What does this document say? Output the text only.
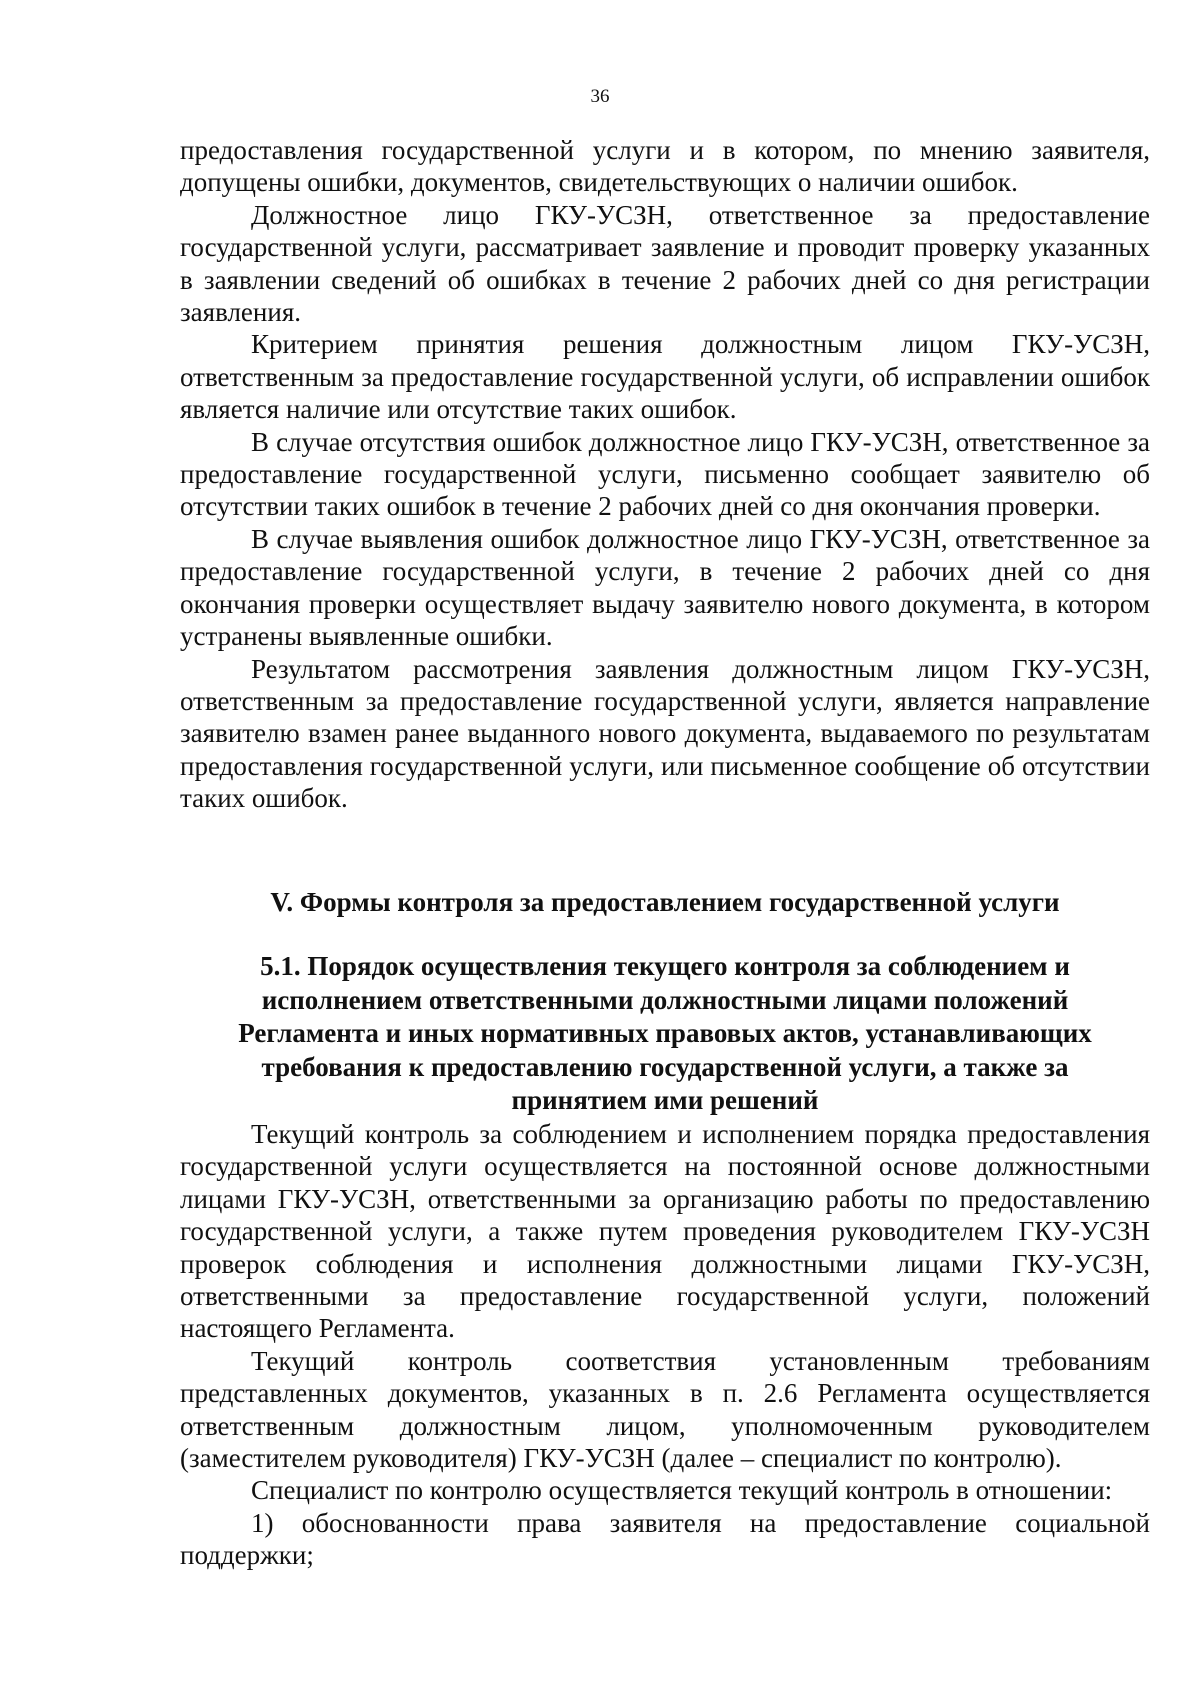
36

предоставления государственной услуги и в котором, по мнению заявителя, допущены ошибки, документов, свидетельствующих о наличии ошибок.

Должностное лицо ГКУ-УСЗН, ответственное за предоставление государственной услуги, рассматривает заявление и проводит проверку указанных в заявлении сведений об ошибках в течение 2 рабочих дней со дня регистрации заявления.

Критерием принятия решения должностным лицом ГКУ-УСЗН, ответственным за предоставление государственной услуги, об исправлении ошибок является наличие или отсутствие таких ошибок.

В случае отсутствия ошибок должностное лицо ГКУ-УСЗН, ответственное за предоставление государственной услуги, письменно сообщает заявителю об отсутствии таких ошибок в течение 2 рабочих дней со дня окончания проверки.

В случае выявления ошибок должностное лицо ГКУ-УСЗН, ответственное за предоставление государственной услуги, в течение 2 рабочих дней со дня окончания проверки осуществляет выдачу заявителю нового документа, в котором устранены выявленные ошибки.

Результатом рассмотрения заявления должностным лицом ГКУ-УСЗН, ответственным за предоставление государственной услуги, является направление заявителю взамен ранее выданного нового документа, выдаваемого по результатам предоставления государственной услуги, или письменное сообщение об отсутствии таких ошибок.

V. Формы контроля за предоставлением государственной услуги
5.1. Порядок осуществления текущего контроля за соблюдением и
исполнением ответственными должностными лицами положений
Регламента и иных нормативных правовых актов, устанавливающих
требования к предоставлению государственной услуги, а также за
принятием ими решений

Текущий контроль за соблюдением и исполнением порядка предоставления государственной услуги осуществляется на постоянной основе должностными лицами ГКУ-УСЗН, ответственными за организацию работы по предоставлению государственной услуги, а также путем проведения руководителем ГКУ-УСЗН проверок соблюдения и исполнения должностными лицами ГКУ-УСЗН, ответственными за предоставление государственной услуги, положений настоящего Регламента.

Текущий контроль соответствия установленным требованиям представленных документов, указанных в п. 2.6 Регламента осуществляется ответственным должностным лицом, уполномоченным руководителем (заместителем руководителя) ГКУ-УСЗН (далее – специалист по контролю).

Специалист по контролю осуществляется текущий контроль в отношении:

1) обоснованности права заявителя на предоставление социальной поддержки;
